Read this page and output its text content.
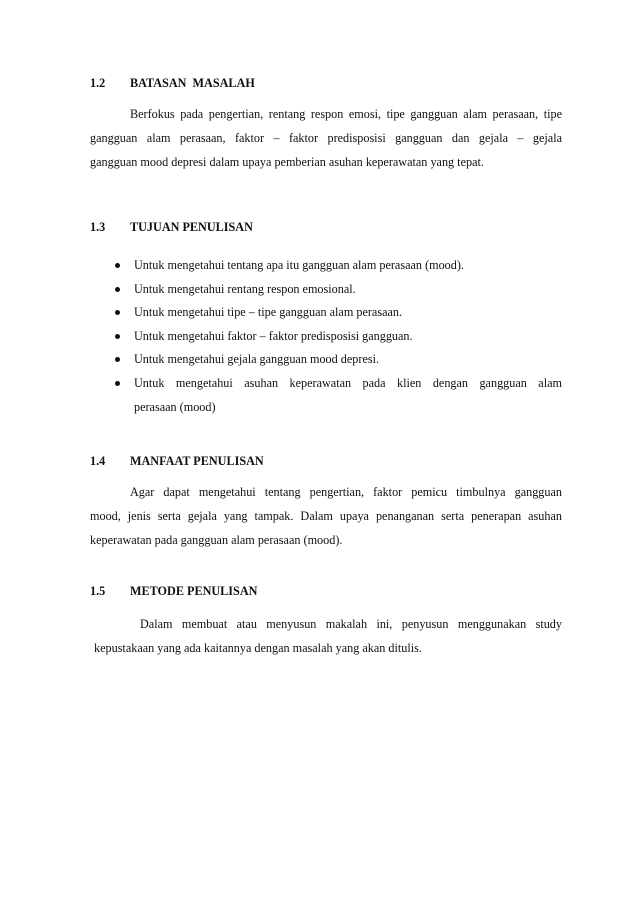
1.2 BATASAN  MASALAH
Berfokus pada pengertian, rentang respon emosi, tipe gangguan alam perasaan, tipe
gangguan alam perasaan, faktor – faktor predisposisi gangguan dan gejala – gejala
gangguan mood depresi dalam upaya pemberian asuhan keperawatan yang tepat.
1.3 TUJUAN PENULISAN
Untuk mengetahui tentang apa itu gangguan alam perasaan (mood).
Untuk mengetahui rentang respon emosional.
Untuk mengetahui tipe – tipe gangguan alam perasaan.
Untuk mengetahui faktor – faktor predisposisi gangguan.
Untuk mengetahui gejala gangguan mood depresi.
Untuk mengetahui asuhan keperawatan pada klien dengan gangguan alam
perasaan (mood)
1.4 MANFAAT PENULISAN
Agar dapat mengetahui tentang pengertian, faktor pemicu timbulnya gangguan
mood, jenis serta gejala yang tampak. Dalam upaya penanganan serta penerapan asuhan
keperawatan pada gangguan alam perasaan (mood).
1.5 METODE PENULISAN
Dalam membuat atau menyusun makalah ini, penyusun menggunakan study
kepustakaan yang ada kaitannya dengan masalah yang akan ditulis.
